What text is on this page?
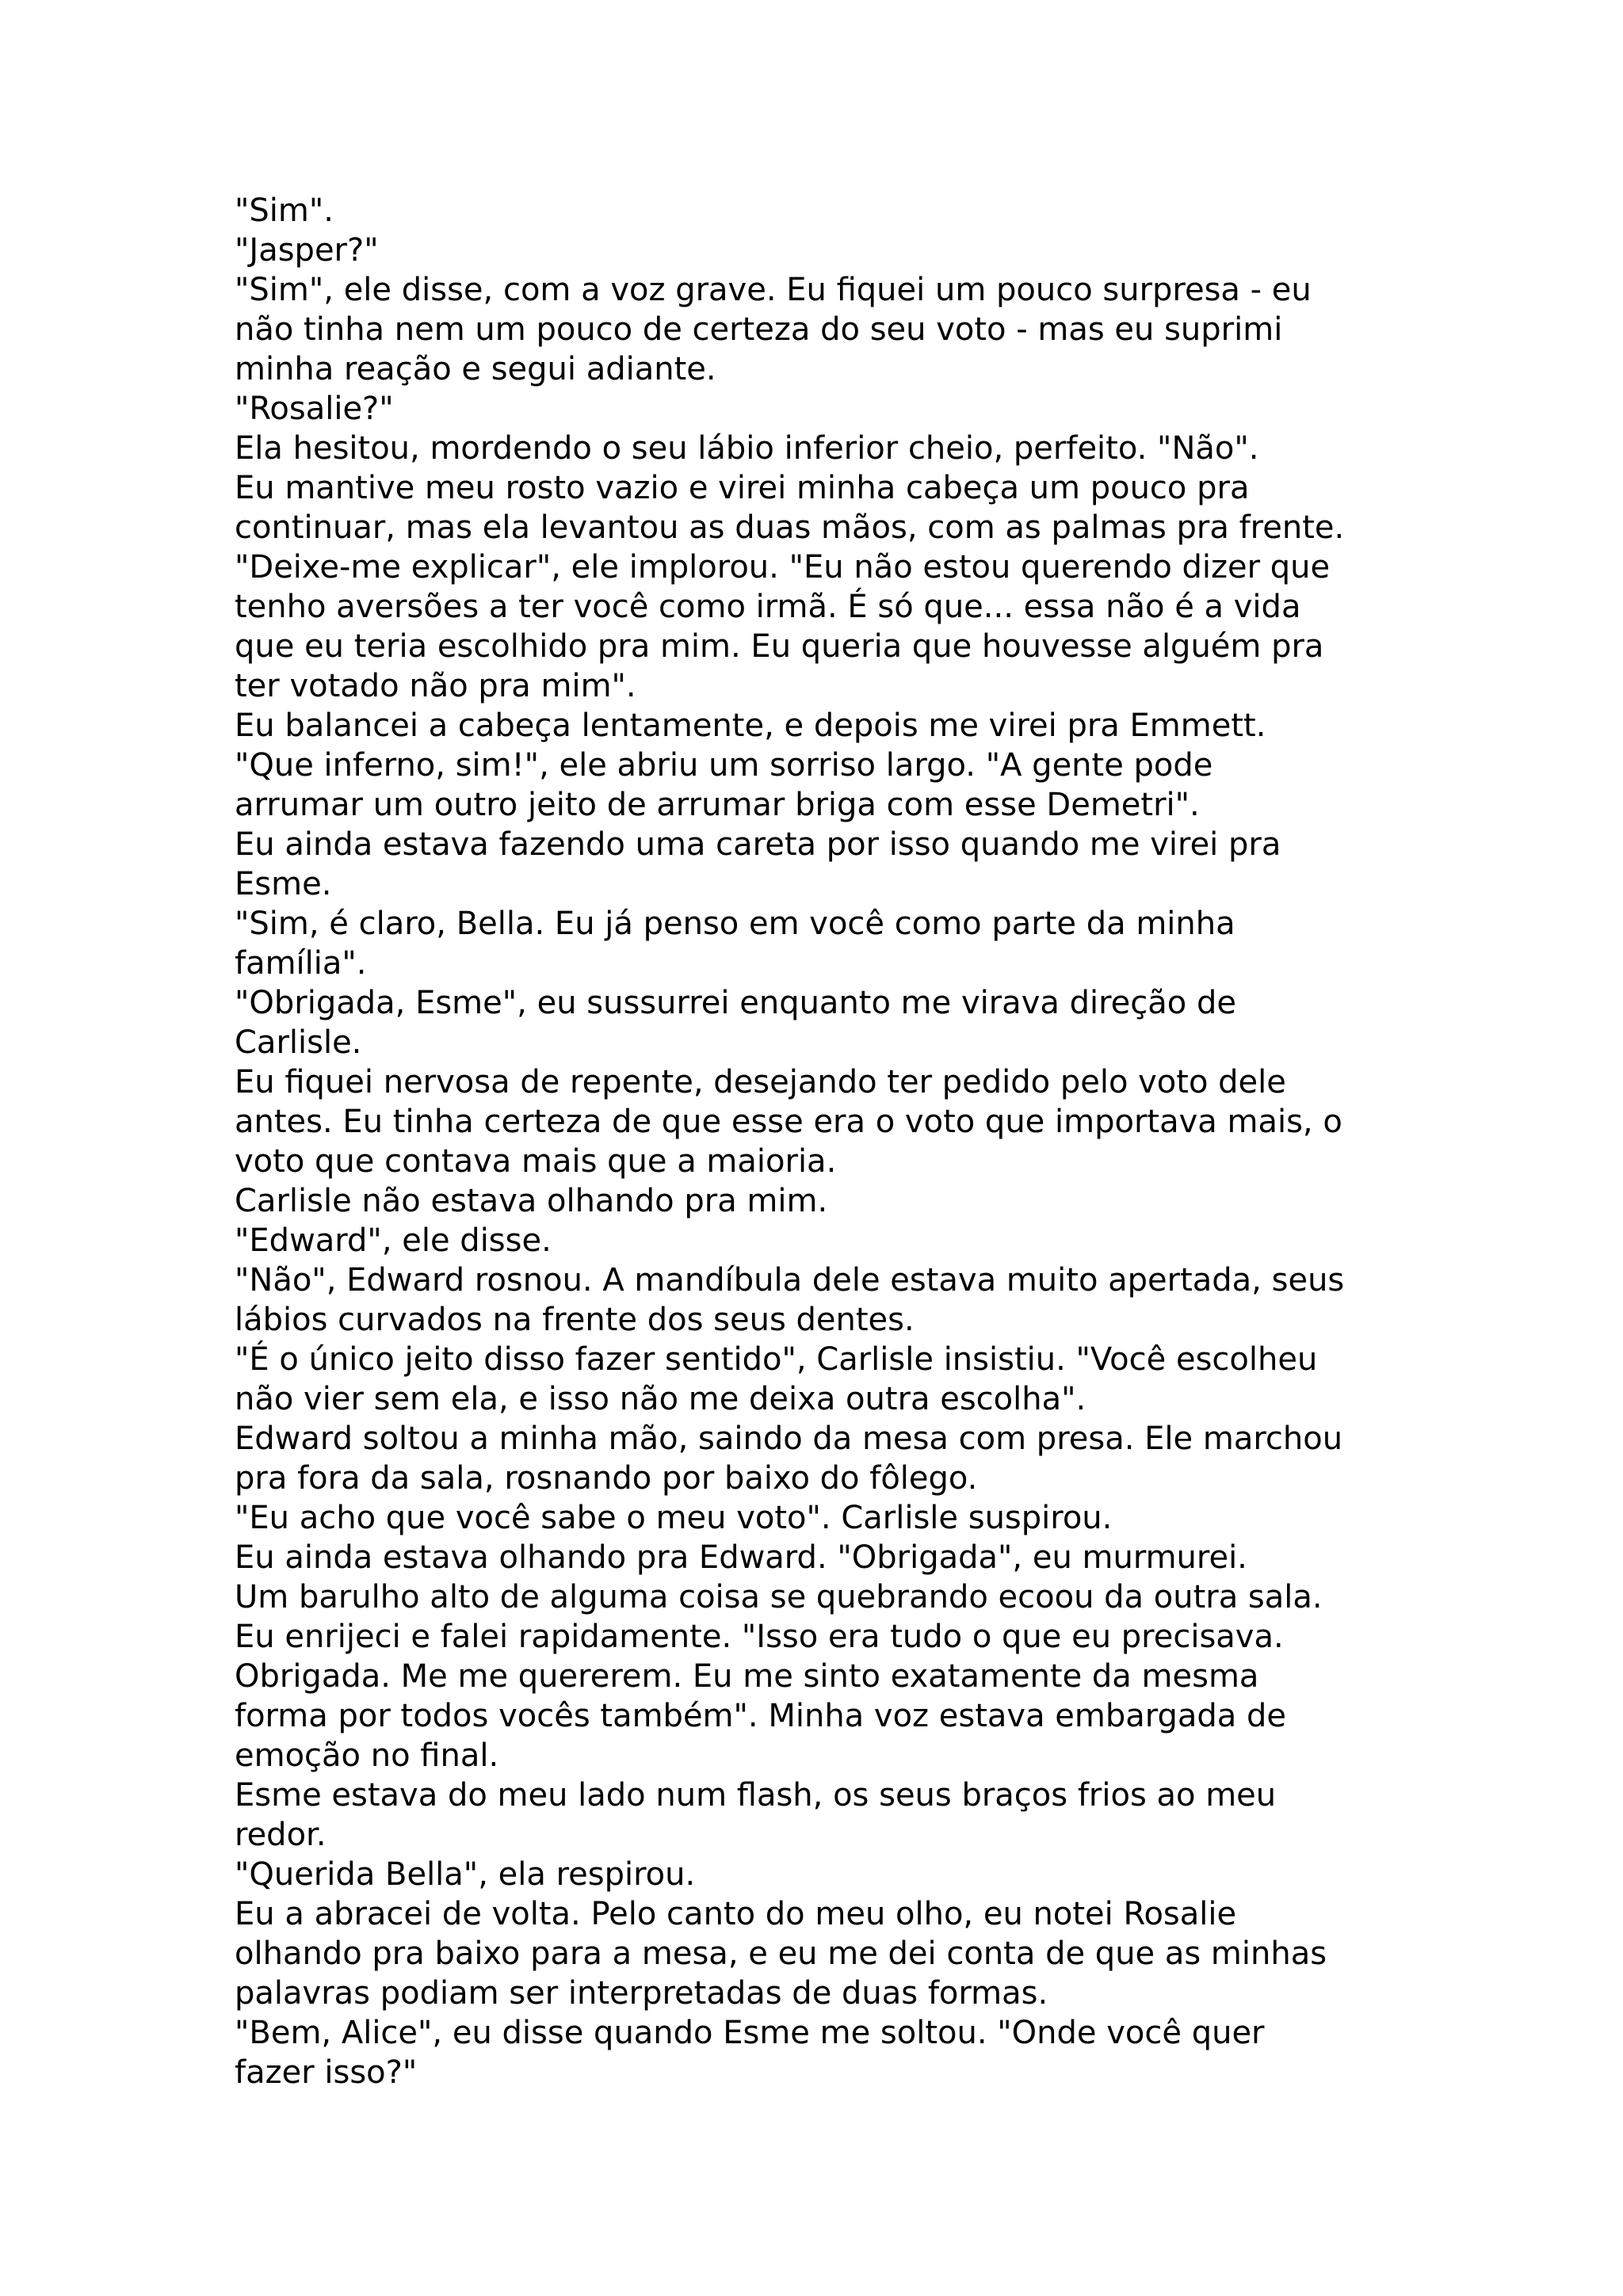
"Sim".
"Jasper?"
"Sim", ele disse, com a voz grave. Eu fiquei um pouco surpresa - eu
não tinha nem um pouco de certeza do seu voto - mas eu suprimi
minha reação e segui adiante.
"Rosalie?"
Ela hesitou, mordendo o seu lábio inferior cheio, perfeito. "Não".
Eu mantive meu rosto vazio e virei minha cabeça um pouco pra
continuar, mas ela levantou as duas mãos, com as palmas pra frente.
"Deixe-me explicar", ele implorou. "Eu não estou querendo dizer que
tenho aversões a ter você como irmã. É só que... essa não é a vida
que eu teria escolhido pra mim. Eu queria que houvesse alguém pra
ter votado não pra mim".
Eu balancei a cabeça lentamente, e depois me virei pra Emmett.
"Que inferno, sim!", ele abriu um sorriso largo. "A gente pode
arrumar um outro jeito de arrumar briga com esse Demetri".
Eu ainda estava fazendo uma careta por isso quando me virei pra
Esme.
"Sim, é claro, Bella. Eu já penso em você como parte da minha
família".
"Obrigada, Esme", eu sussurrei enquanto me virava direção de
Carlisle.
Eu fiquei nervosa de repente, desejando ter pedido pelo voto dele
antes. Eu tinha certeza de que esse era o voto que importava mais, o
voto que contava mais que a maioria.
Carlisle não estava olhando pra mim.
"Edward", ele disse.
"Não", Edward rosnou. A mandíbula dele estava muito apertada, seus
lábios curvados na frente dos seus dentes.
"É o único jeito disso fazer sentido", Carlisle insistiu. "Você escolheu
não vier sem ela, e isso não me deixa outra escolha".
Edward soltou a minha mão, saindo da mesa com presa. Ele marchou
pra fora da sala, rosnando por baixo do fôlego.
"Eu acho que você sabe o meu voto". Carlisle suspirou.
Eu ainda estava olhando pra Edward. "Obrigada", eu murmurei.
Um barulho alto de alguma coisa se quebrando ecoou da outra sala.
Eu enrijeci e falei rapidamente. "Isso era tudo o que eu precisava.
Obrigada. Me me quererem. Eu me sinto exatamente da mesma
forma por todos vocês também". Minha voz estava embargada de
emoção no final.
Esme estava do meu lado num flash, os seus braços frios ao meu
redor.
"Querida Bella", ela respirou.
Eu a abracei de volta. Pelo canto do meu olho, eu notei Rosalie
olhando pra baixo para a mesa, e eu me dei conta de que as minhas
palavras podiam ser interpretadas de duas formas.
"Bem, Alice", eu disse quando Esme me soltou. "Onde você quer
fazer isso?"
